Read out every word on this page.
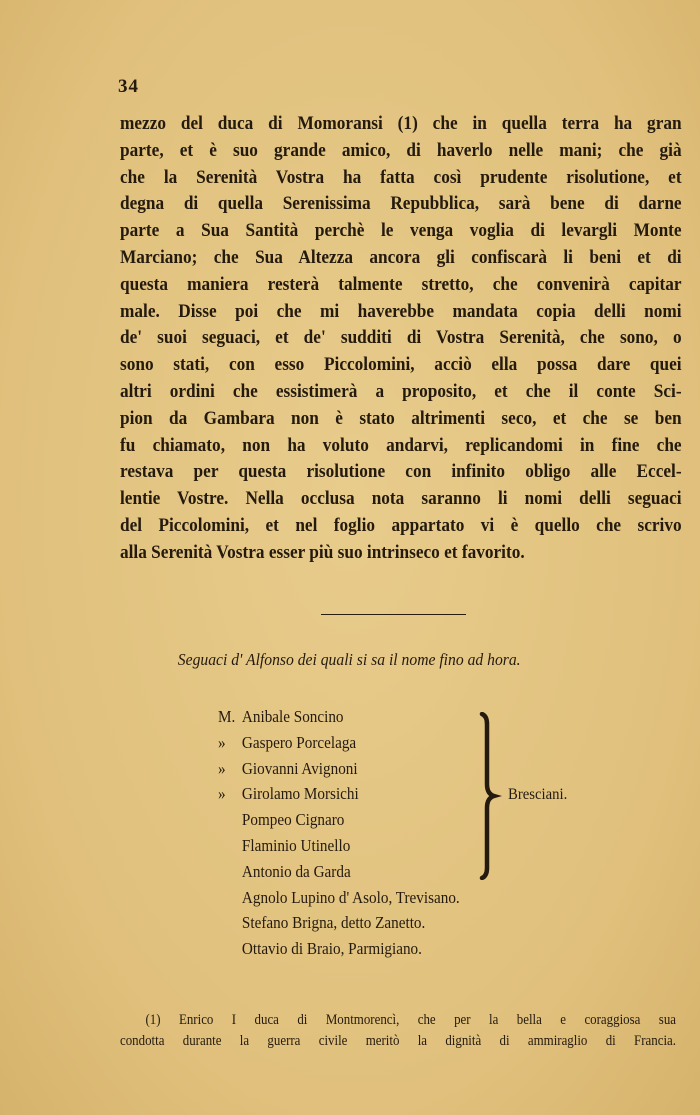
34
mezzo del duca di Momoransi (1) che in quella terra ha gran
parte, et è suo grande amico, di haverlo nelle mani; che già
che la Serenità Vostra ha fatta così prudente risolutione, et
degna di quella Serenissima Repubblica, sarà bene di darne
parte a Sua Santità perchè le venga voglia di levargli Monte
Marciano; che Sua Altezza ancora gli confiscarà li beni et di
questa maniera resterà talmente stretto, che convenirà capitar
male. Disse poi che mi haverebbe mandata copia delli nomi
de' suoi seguaci, et de' sudditi di Vostra Serenità, che sono, o
sono stati, con esso Piccolomini, acciò ella possa dare quei
altri ordini che essistimerà a proposito, et che il conte Sci-
pion da Gambara non è stato altrimenti seco, et che se ben
fu chiamato, non ha voluto andarvi, replicandomi in fine che
restava per questa risolutione con infinito obligo alle Eccel-
lentie Vostre. Nella occlusa nota saranno li nomi delli seguaci
del Piccolomini, et nel foglio appartato vi è quello che scrivo
alla Serenità Vostra esser più suo intrinseco et favorito.
Seguaci d' Alfonso dei quali si sa il nome fino ad hora.
M. Anibale Soncino
» Gaspero Porcelaga
» Giovanni Avignoni
» Girolamo Morsichi
Pompeo Cignaro
Flaminio Utinello
Antonio da Garda
Agnolo Lupino d' Asolo, Trevisano.
Stefano Brigna, detto Zanetto.
Ottavio di Braio, Parmigiano.
Bresciani.
(1) Enrico I duca di Montmorencì, che per la bella e coraggiosa sua
condotta durante la guerra civile meritò la dignità di ammiraglio di Francia.
